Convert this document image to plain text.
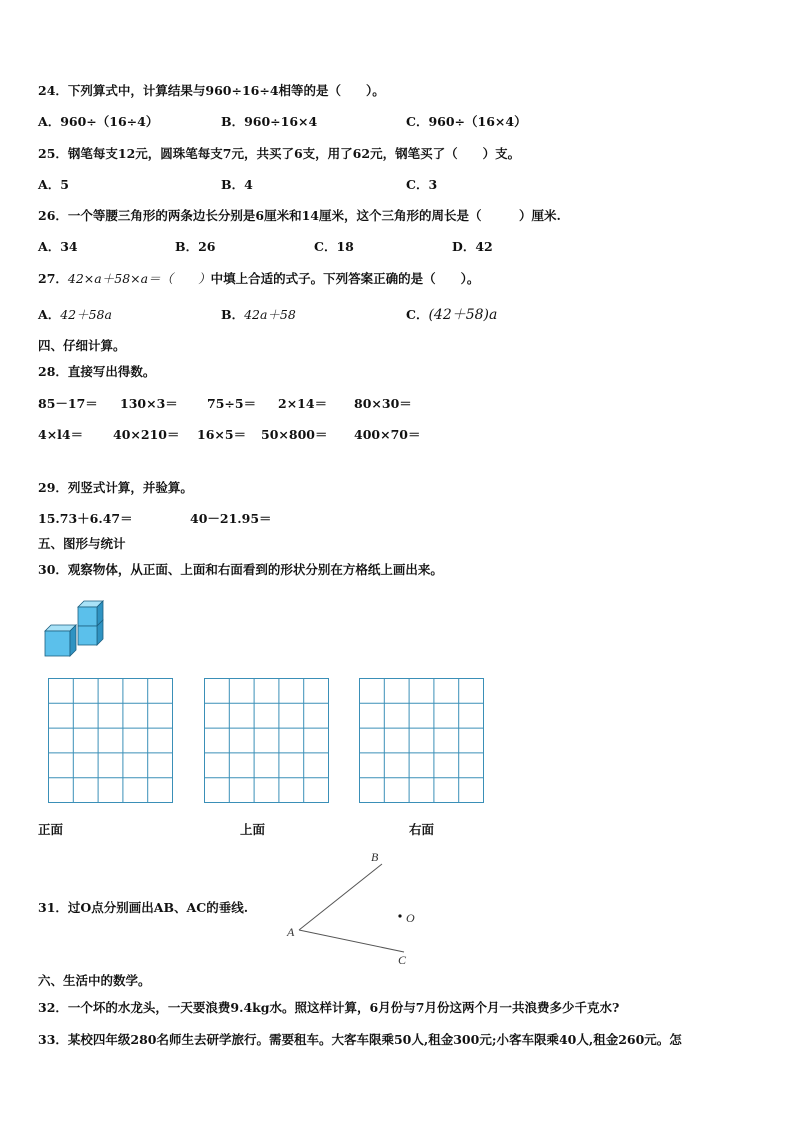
24．下列算式中，计算结果与960÷16÷4相等的是（　　）。
A．960÷（16÷4）	B．960÷16×4	C．960÷（16×4）
25．钢笔每支12元，圆珠笔每支7元，共买了6支，用了62元，钢笔买了（　　）支。
A．5	B．4	C．3
26．一个等腰三角形的两条边长分别是6厘米和14厘米，这个三角形的周长是（　　　）厘米.
A．34	B．26	C．18	D．42
27．42×a＋58×a＝（　　）中填上合适的式子。下列答案正确的是（　　）。
A．42＋58a	B．42a＋58	C．(42＋58)a
四、仔细计算。
28．直接写出得数。
85－17＝ 130×3＝ 75÷5＝ 2×14＝ 80×30＝
4×l4＝ 40×210＝ 16×5＝ 50×800＝ 400×70＝
29．列竖式计算，并验算。
15.73＋6.47＝	40－21.95＝
五、图形与统计
30．观察物体，从正面、上面和右面看到的形状分别在方格纸上画出来。
正面	上面	右面
31．过O点分别画出AB、AC的垂线.
A
B
C
O
六、生活中的数学。
32．一个坏的水龙头，一天要浪费9.4kg水。照这样计算，6月份与7月份这两个月一共浪费多少千克水?
33．某校四年级280名师生去研学旅行。需要租车。大客车限乘50人,租金300元;小客车限乘40人,租金260元。怎
